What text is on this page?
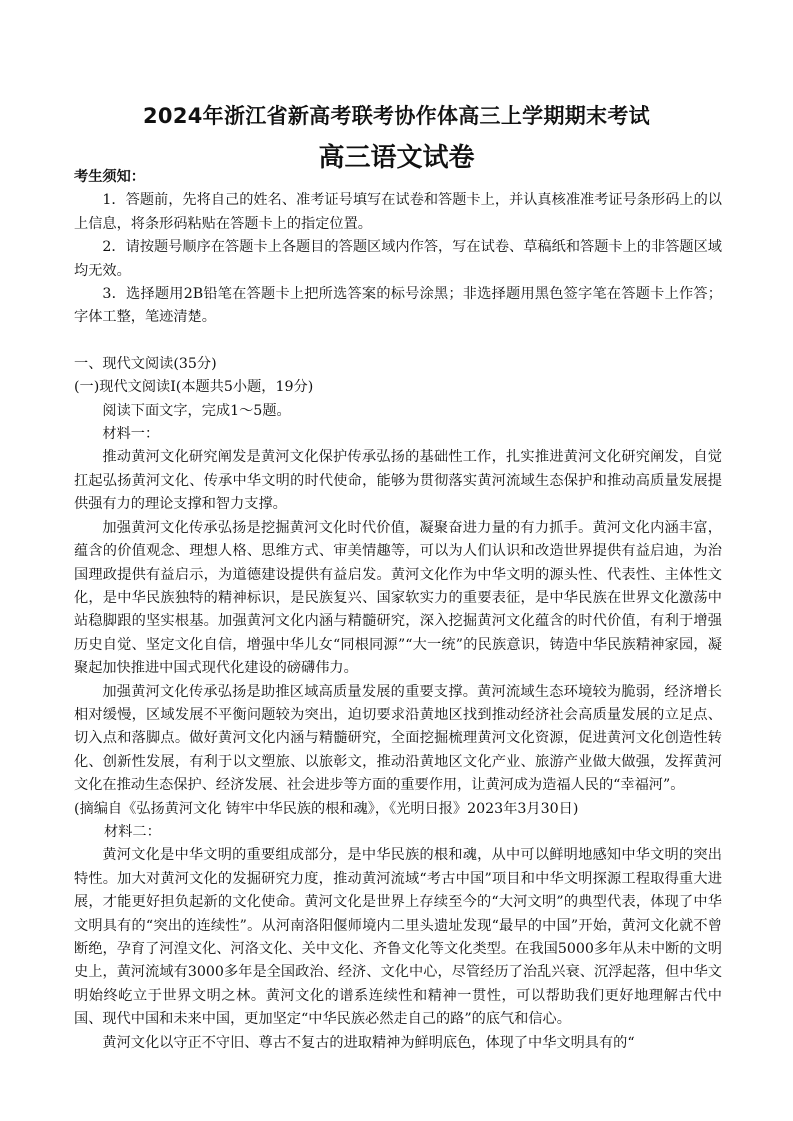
2024年浙江省新高考联考协作体高三上学期期末考试
高三语文试卷

考生须知：

1．答题前，先将自己的姓名、准考证号填写在试卷和答题卡上，并认真核准准考证号条形码上的以上信息，将条形码粘贴在答题卡上的指定位置。

2．请按题号顺序在答题卡上各题目的答题区域内作答，写在试卷、草稿纸和答题卡上的非答题区域均无效。

3．选择题用2B铅笔在答题卡上把所选答案的标号涂黑；非选择题用黑色签字笔在答题卡上作答；字体工整，笔迹清楚。

一、现代文阅读(35分)

(一)现代文阅读Ⅰ(本题共5小题，19分)

阅读下面文字，完成1～5题。

材料一：

推动黄河文化研究阐发是黄河文化保护传承弘扬的基础性工作，扎实推进黄河文化研究阐发，自觉扛起弘扬黄河文化、传承中华文明的时代使命，能够为贯彻落实黄河流域生态保护和推动高质量发展提供强有力的理论支撑和智力支撑。

加强黄河文化传承弘扬是挖掘黄河文化时代价值，凝聚奋进力量的有力抓手。黄河文化内涵丰富，蕴含的价值观念、理想人格、思维方式、审美情趣等，可以为人们认识和改造世界提供有益启迪，为治国理政提供有益启示，为道德建设提供有益启发。黄河文化作为中华文明的源头性、代表性、主体性文化，是中华民族独特的精神标识，是民族复兴、国家软实力的重要表征，是中华民族在世界文化激荡中站稳脚跟的坚实根基。加强黄河文化内涵与精髓研究，深入挖掘黄河文化蕴含的时代价值，有利于增强历史自觉、坚定文化自信，增强中华儿女“同根同源”“大一统”的民族意识，铸造中华民族精神家园，凝聚起加快推进中国式现代化建设的磅礴伟力。

加强黄河文化传承弘扬是助推区域高质量发展的重要支撑。黄河流域生态环境较为脆弱，经济增长相对缓慢，区域发展不平衡问题较为突出，迫切要求沿黄地区找到推动经济社会高质量发展的立足点、切入点和落脚点。做好黄河文化内涵与精髓研究，全面挖掘梳理黄河文化资源，促进黄河文化创造性转化、创新性发展，有利于以文塑旅、以旅彰文，推动沿黄地区文化产业、旅游产业做大做强，发挥黄河文化在推动生态保护、经济发展、社会进步等方面的重要作用，让黄河成为造福人民的“幸福河”。

(摘编自《弘扬黄河文化 铸牢中华民族的根和魂》，《光明日报》2023年3月30日)

材料二：

黄河文化是中华文明的重要组成部分，是中华民族的根和魂，从中可以鲜明地感知中华文明的突出特性。加大对黄河文化的发掘研究力度，推动黄河流域“考古中国”项目和中华文明探源工程取得重大进展，才能更好担负起新的文化使命。黄河文化是世界上存续至今的“大河文明”的典型代表，体现了中华文明具有的“突出的连续性”。从河南洛阳偃师境内二里头遗址发现“最早的中国”开始，黄河文化就不曾断绝，孕育了河湟文化、河洛文化、关中文化、齐鲁文化等文化类型。在我国5000多年从未中断的文明史上，黄河流域有3000多年是全国政治、经济、文化中心，尽管经历了治乱兴衰、沉浮起落，但中华文明始终屹立于世界文明之林。黄河文化的谱系连续性和精神一贯性，可以帮助我们更好地理解古代中国、现代中国和未来中国，更加坚定“中华民族必然走自己的路”的底气和信心。

黄河文化以守正不守旧、尊古不复古的进取精神为鲜明底色，体现了中华文明具有的“
